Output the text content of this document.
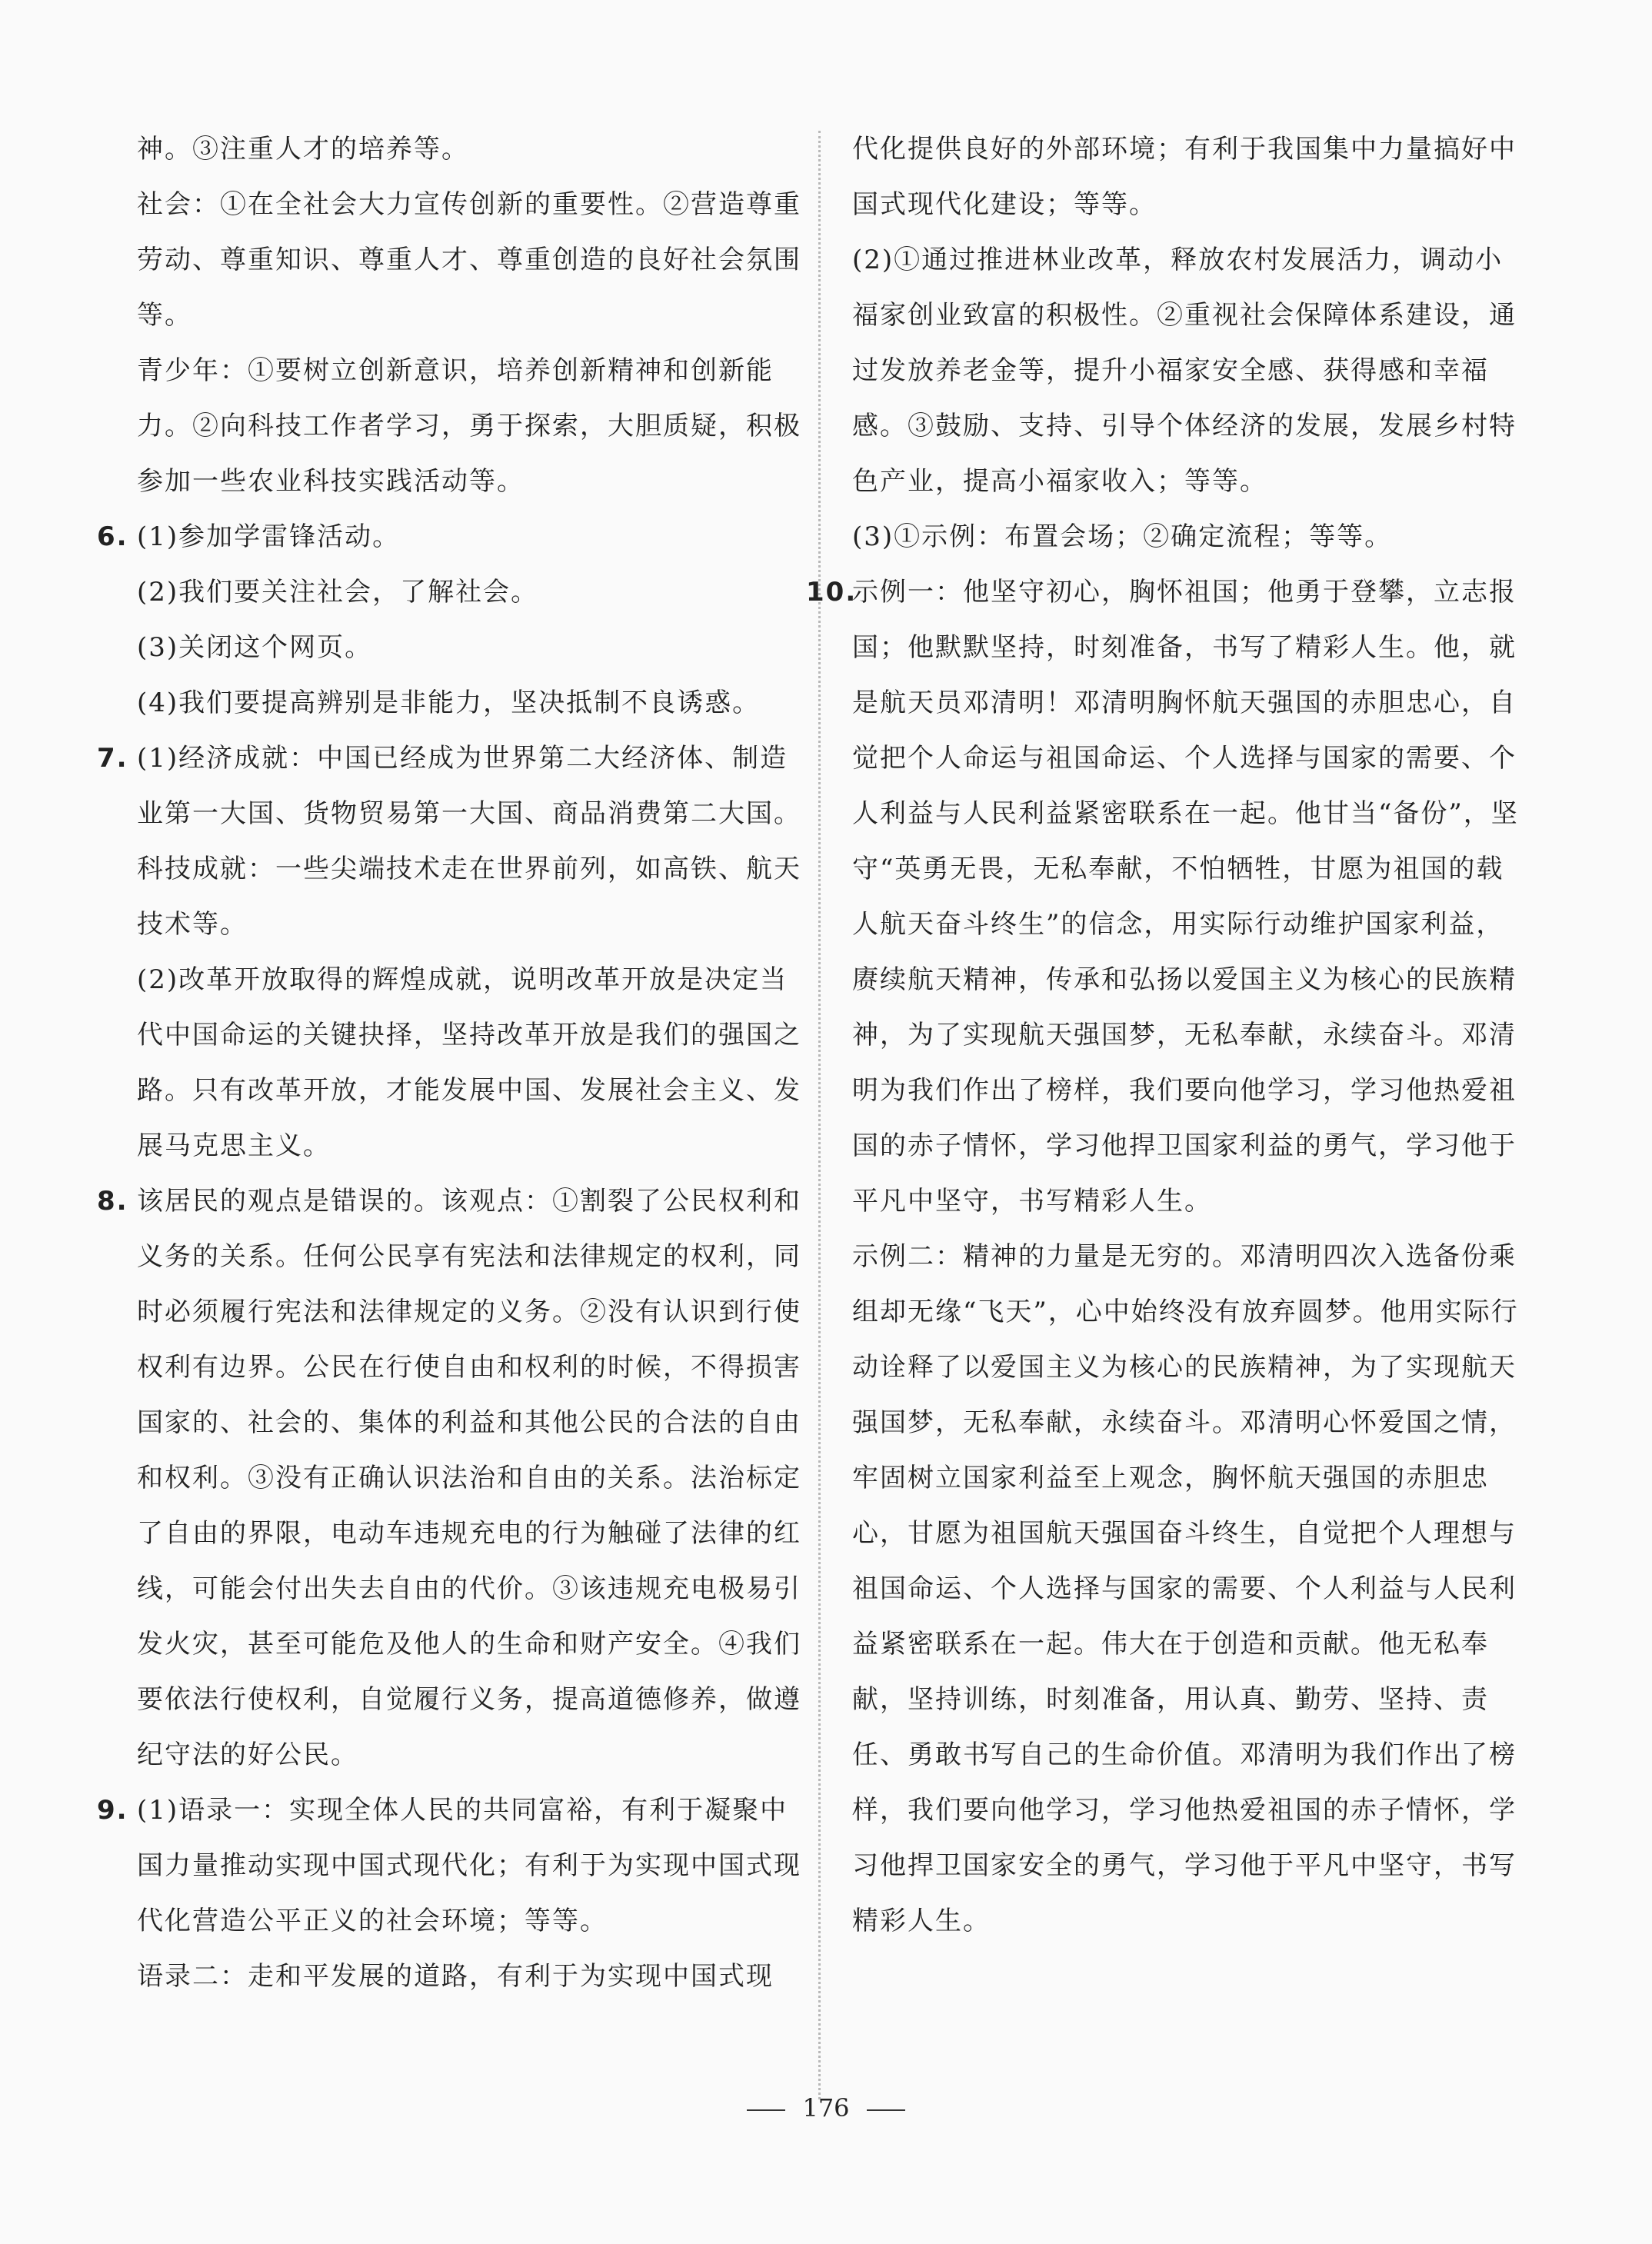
神。③注重人才的培养等。

社会：①在全社会大力宣传创新的重要性。②营造尊重劳动、尊重知识、尊重人才、尊重创造的良好社会氛围等。

青少年：①要树立创新意识，培养创新精神和创新能力。②向科技工作者学习，勇于探索，大胆质疑，积极参加一些农业科技实践活动等。

6. (1)参加学雷锋活动。

(2)我们要关注社会，了解社会。

(3)关闭这个网页。

(4)我们要提高辨别是非能力，坚决抵制不良诱惑。

7. (1)经济成就：中国已经成为世界第二大经济体、制造业第一大国、货物贸易第一大国、商品消费第二大国。

科技成就：一些尖端技术走在世界前列，如高铁、航天技术等。

(2)改革开放取得的辉煌成就，说明改革开放是决定当代中国命运的关键抉择，坚持改革开放是我们的强国之路。只有改革开放，才能发展中国、发展社会主义、发展马克思主义。

8. 该居民的观点是错误的。该观点：①割裂了公民权利和义务的关系。任何公民享有宪法和法律规定的权利，同时必须履行宪法和法律规定的义务。②没有认识到行使权利有边界。公民在行使自由和权利的时候，不得损害国家的、社会的、集体的利益和其他公民的合法的自由和权利。③没有正确认识法治和自由的关系。法治标定了自由的界限，电动车违规充电的行为触碰了法律的红线，可能会付出失去自由的代价。③该违规充电极易引发火灾，甚至可能危及他人的生命和财产安全。④我们要依法行使权利，自觉履行义务，提高道德修养，做遵纪守法的好公民。

9. (1)语录一：实现全体人民的共同富裕，有利于凝聚中国力量推动实现中国式现代化；有利于为实现中国式现代化营造公平正义的社会环境；等等。

语录二：走和平发展的道路，有利于为实现中国式现

代化提供良好的外部环境；有利于我国集中力量搞好中国式现代化建设；等等。

(2)①通过推进林业改革，释放农村发展活力，调动小福家创业致富的积极性。②重视社会保障体系建设，通过发放养老金等，提升小福家安全感、获得感和幸福感。③鼓励、支持、引导个体经济的发展，发展乡村特色产业，提高小福家收入；等等。

(3)①示例：布置会场；②确定流程；等等。

10.

示例一：他坚守初心，胸怀祖国；他勇于登攀，立志报国；他默默坚持，时刻准备，书写了精彩人生。他，就是航天员邓清明！邓清明胸怀航天强国的赤胆忠心，自觉把个人命运与祖国命运、个人选择与国家的需要、个人利益与人民利益紧密联系在一起。他甘当“备份”，坚守“英勇无畏，无私奉献，不怕牺牲，甘愿为祖国的载人航天奋斗终生”的信念，用实际行动维护国家利益，赓续航天精神，传承和弘扬以爱国主义为核心的民族精神，为了实现航天强国梦，无私奉献，永续奋斗。邓清明为我们作出了榜样，我们要向他学习，学习他热爱祖国的赤子情怀，学习他捍卫国家利益的勇气，学习他于平凡中坚守，书写精彩人生。

示例二：精神的力量是无穷的。邓清明四次入选备份乘组却无缘“飞天”，心中始终没有放弃圆梦。他用实际行动诠释了以爱国主义为核心的民族精神，为了实现航天强国梦，无私奉献，永续奋斗。邓清明心怀爱国之情，牢固树立国家利益至上观念，胸怀航天强国的赤胆忠心，甘愿为祖国航天强国奋斗终生，自觉把个人理想与祖国命运、个人选择与国家的需要、个人利益与人民利益紧密联系在一起。伟大在于创造和贡献。他无私奉献，坚持训练，时刻准备，用认真、勤劳、坚持、责任、勇敢书写自己的生命价值。邓清明为我们作出了榜样，我们要向他学习，学习他热爱祖国的赤子情怀，学习他捍卫国家安全的勇气，学习他于平凡中坚守，书写精彩人生。

176
